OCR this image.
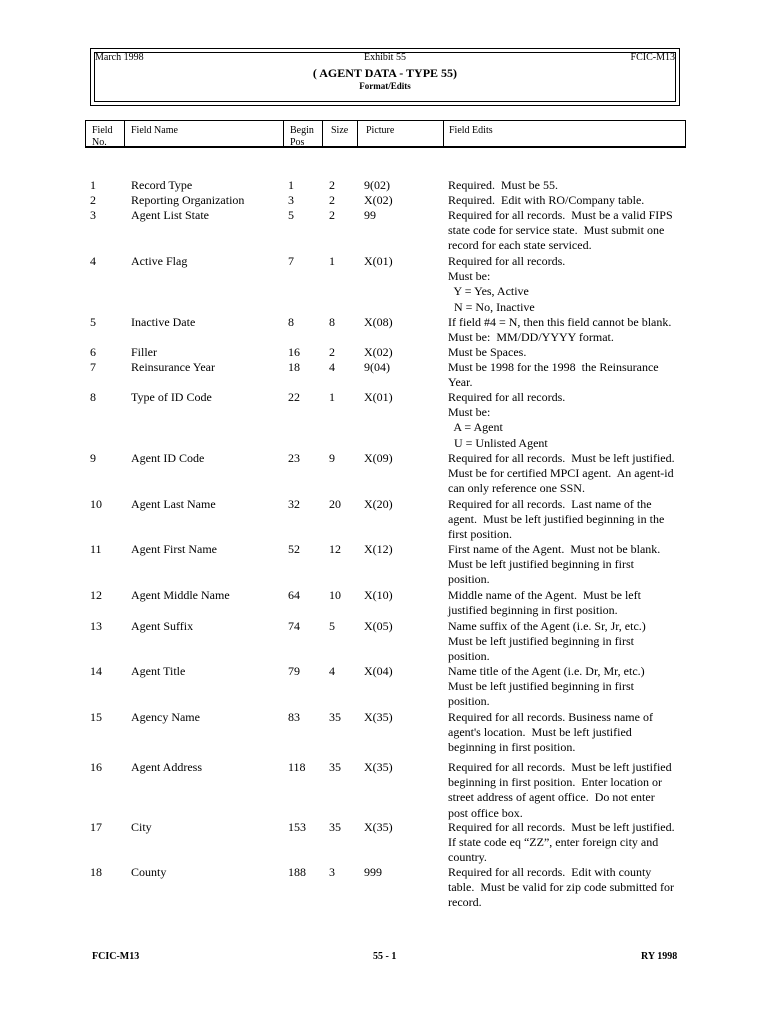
March 1998	Exhibit 55	FCIC-M13
( AGENT DATA - TYPE 55)
Format/Edits
Field
No.
Field Name	Begin
Pos
Size Picture	Field Edits
1	Record Type	1	2 9(02)	Required.  Must be 55.
2	Reporting Organization	3	2 X(02)	Required.  Edit with RO/Company table.
3	Agent List State	5	2 99	Required for all records.  Must be a valid FIPS
state code for service state.  Must submit one
record for each state serviced.
4	Active Flag	7	1 X(01)	Required for all records.
Must be:
Y = Yes, Active
N = No, Inactive
5	Inactive Date	8	8 X(08)	If field #4 = N, then this field cannot be blank.
Must be:  MM/DD/YYYY format.
6	Filler	16 2 X(02)	Must be Spaces.
7	Reinsurance Year	18 4 9(04)	Must be 1998 for the 1998  the Reinsurance
Year.
8	Type of ID Code	22 1 X(01)	Required for all records.
Must be:
A = Agent
U = Unlisted Agent
9	Agent ID Code	23 9 X(09)	Required for all records.  Must be left justified.
Must be for certified MPCI agent.  An agent-id
can only reference one SSN.
10 Agent Last Name	32 20 X(20)	Required for all records.  Last name of the
agent.  Must be left justified beginning in the
first position.
11 Agent First Name	52 12 X(12)	First name of the Agent.  Must not be blank.
Must be left justified beginning in first
position.
12 Agent Middle Name	64 10 X(10)	Middle name of the Agent.  Must be left
justified beginning in first position.
13 Agent Suffix	74 5 X(05)	Name suffix of the Agent (i.e. Sr, Jr, etc.)
Must be left justified beginning in first
position.
14 Agent Title	79 4 X(04)	Name title of the Agent (i.e. Dr, Mr, etc.)
Must be left justified beginning in first
position.
15 Agency Name	83 35 X(35)	Required for all records. Business name of
agent's location.  Must be left justified
beginning in first position.
16 Agent Address	118 35 X(35)	Required for all records.  Must be left justified
beginning in first position.  Enter location or
street address of agent office.  Do not enter
post office box.
17 City	153 35 X(35)	Required for all records.  Must be left justified.
If state code eq “ZZ”, enter foreign city and
country.
18 County	188 3 999	Required for all records.  Edit with county
table.  Must be valid for zip code submitted for
record.
FCIC-M13	55 - 1	RY 1998
